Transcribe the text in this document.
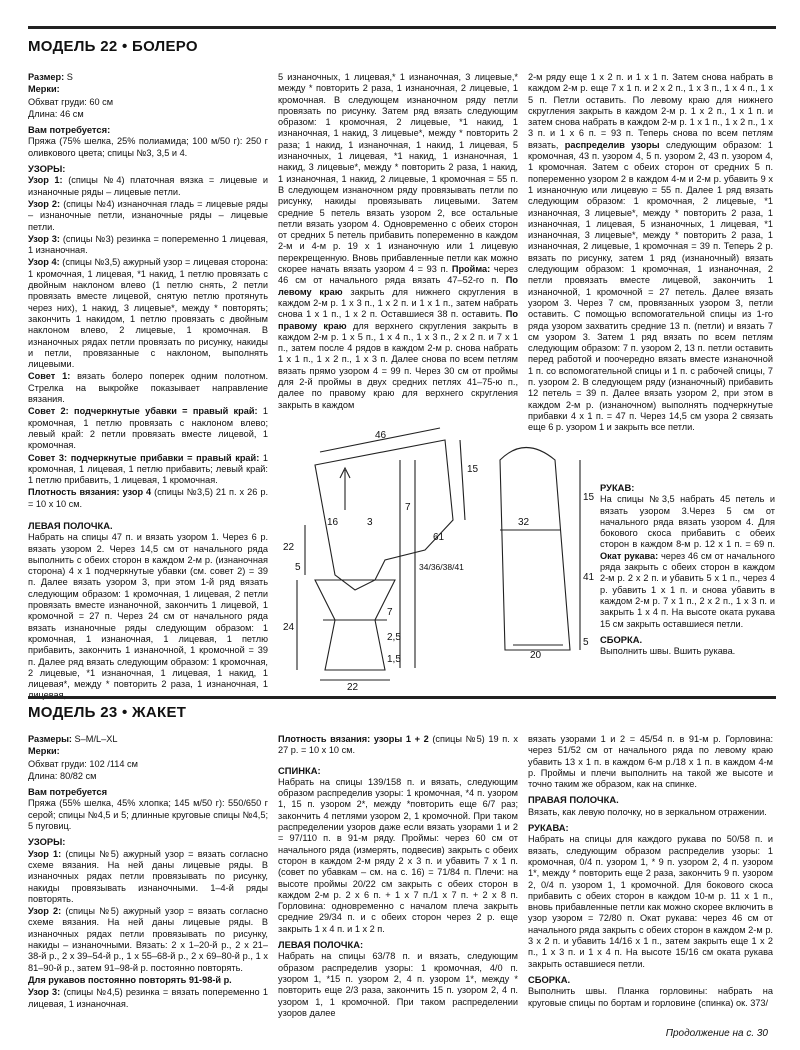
МОДЕЛЬ 22 • БОЛЕРО

Размер: S

Мерки:

Обхват груди: 60 см

Длина: 46 см

Вам потребуется:

Пряжа (75% шелка, 25% полиамида; 100 м/50 г): 250 г оливкового цвета; спицы №3, 3,5 и 4.

УЗОРЫ:

Узор 1: (спицы №4) платочная вязка = лицевые и изнаночные ряды – лицевые петли.

Узор 2: (спицы №4) изнаночная гладь = лицевые ряды – изнаночные петли, изнаночные ряды – лицевые петли.

Узор 3: (спицы №3) резинка = попеременно 1 лицевая, 1 изнаночная.

Узор 4: (спицы №3,5) ажурный узор = лицевая сторона: 1 кромочная, 1 лицевая, *1 накид, 1 петлю провязать с двойным наклоном влево (1 петлю снять, 2 петли провязать вместе лицевой, снятую петлю протянуть через них), 1 накид, 3 лицевые*, между * повторять; закончить 1 накидом, 1 петлю провязать с двойным наклоном влево, 2 лицевые, 1 кромочная. В изнаночных рядах петли провязать по рисунку, накиды и петли, провязанные с наклоном, выполнять лицевыми.

Совет 1: вязать болеро поперек одним полотном. Стрелка на выкройке показывает направление вязания.

Совет 2: подчеркнутые убавки = правый край: 1 кромочная, 1 петлю провязать с наклоном влево; левый край: 2 петли провязать вместе лицевой, 1 кромочная.

Совет 3: подчеркнутые прибавки = правый край: 1 кромочная, 1 лицевая, 1 петлю прибавить; левый край: 1 петлю прибавить, 1 лицевая, 1 кромочная.

Плотность вязания: узор 4 (спицы №3,5) 21 п. x 26 р. = 10 x 10 см.

ЛЕВАЯ ПОЛОЧКА.

Набрать на спицы 47 п. и вязать узором 1. Через 6 р. вязать узором 2. Через 14,5 см от начального ряда выполнить с обеих сторон в каждом 2-м р. (изнаночная сторона) 4 x 1 подчеркнутые убавки (см. совет 2) = 39 п. Далее вязать узором 3, при этом 1-й ряд вязать следующим образом: 1 кромочная, 1 лицевая, 2 петли провязать вместе изнаночной, закончить 1 лицевой, 1 кромочной = 27 п. Через 24 см от начального ряда вязать изнаночные ряды следующим образом: 1 кромочная, 1 изнаночная, 1 лицевая, 1 петлю прибавить, закончить 1 изнаночной, 1 кромочной = 39 п. Далее ряд вязать следующим образом: 1 кромочная, 2 лицевые, *1 изнаночная, 1 лицевая, 1 накид, 1 лицевая*, между * повторить 2 раза, 1 изнаночная, 1 лицевая,

5 изнаночных, 1 лицевая,* 1 изнаночная, 3 лицевые,* между * повторить 2 раза, 1 изнаночная, 2 лицевые, 1 кромочная. В следующем изнаночном ряду петли провязать по рисунку. Затем ряд вязать следующим образом: 1 кромочная, 2 лицевые, *1 накид, 1 изнаночная, 1 накид, 3 лицевые*, между * повторить 2 раза; 1 накид, 1 изнаночная, 1 накид, 1 лицевая, 5 изнаночных, 1 лицевая, *1 накид, 1 изнаночная, 1 накид, 3 лицевые*, между * повторить 2 раза, 1 накид, 1 изнаночная, 1 накид, 2 лицевые, 1 кромочная = 55 п. В следующем изнаночном ряду провязывать петли по рисунку, накиды провязывать лицевыми. Затем средние 5 петель вязать узором 2, все остальные петли вязать узором 4. Одновременно с обеих сторон от средних 5 петель прибавить попеременно в каждом 2-м и 4-м р. 19 x 1 изнаночную или 1 лицевую перекрещенную. Вновь прибавленные петли как можно скорее начать вязать узором 4 = 93 п. Пройма: через 46 см от начального ряда вязать 47–52-го п. По левому краю закрыть для нижнего скругления в каждом 2-м р. 1 x 3 п., 1 x 2 п. и 1 x 1 п., затем набрать снова 1 x 1 п., 1 x 2 п. Оставшиеся 38 п. оставить. По правому краю для верхнего скругления закрыть в каждом 2-м р. 1 x 5 п., 1 x 4 п., 1 x 3 п., 2 x 2 п. и 7 x 1 п., затем после 4 рядов в каждом 2-м р. снова набрать 1 x 1 п., 1 x 2 п., 1 x 3 п. Далее снова по всем петлям вязать прямо узором 4 = 99 п. Через 30 см от проймы для 2-й проймы в двух средних петлях 41–75-ю п., далее по правому краю для верхнего скругления закрыть в каждом

2-м ряду еще 1 x 2 п. и 1 x 1 п. Затем снова набрать в каждом 2-м р. еще 7 x 1 п. и 2 x 2 п., 1 x 3 п., 1 x 4 п., 1 x 5 п. Петли оставить. По левому краю для нижнего скругления закрыть в каждом 2-м р. 1 x 2 п., 1 x 1 п. и затем снова набрать в каждом 2-м р. 1 x 1 п., 1 x 2 п., 1 x 3 п. и 1 x 6 п. = 93 п. Теперь снова по всем петлям вязать, распределив узоры следующим образом: 1 кромочная, 43 п. узором 4, 5 п. узором 2, 43 п. узором 4, 1 кромочная. Затем с обеих сторон от средних 5 п. попеременно узором 2 в каждом 4-м и 2-м р. убавить 9 x 1 изнаночную или лицевую = 55 п. Далее 1 ряд вязать следующим образом: 1 кромочная, 2 лицевые, *1 изнаночная, 3 лицевые*, между * повторить 2 раза, 1 изнаночная, 1 лицевая, 5 изнаночных, 1 лицевая, *1 изнаночная, 3 лицевые*, между * повторить 2 раза, 1 изнаночная, 2 лицевые, 1 кромочная = 39 п. Теперь 2 р. вязать по рисунку, затем 1 ряд (изнаночный) вязать следующим образом: 1 кромочная, 1 изнаночная, 2 петли провязать вместе лицевой, закончить 1 изнаночной, 1 кромочной = 27 петель. Далее вязать узором 3. Через 7 см, провязанных узором 3, петли оставить. С помощью вспомогательной спицы из 1-го ряда узором захватить средние 13 п. (петли) и вязать 7 см узором 3. Затем 1 ряд вязать по всем петлям следующим образом: 7 п. узором 2, 13 п. петли оставить перед работой и поочередно вязать вместе изнаночной 1 п. со вспомогательной спицы и 1 п. с рабочей спицы, 7 п. узором 2. В следующем ряду (изнаночный) прибавить 12 петель = 39 п. Далее вязать узором 2, при этом в каждом 2-м р. (изнаночном) выполнять подчеркнутые прибавки 4 x 1 п. = 47 п. Через 14,5 см узора 2 связать еще 6 р. узором 1 и закрыть все петли.

РУКАВ:

На спицы №3,5 набрать 45 петель и вязать узором 3.Через 5 см от начального ряда вязать узором 4. Для бокового скоса прибавить с обеих сторон в каждом 8-м р. 12 x 1 п. = 69 п. Окат рукава: через 46 см от начального ряда закрыть с обеих сторон в каждом 2-м р. 2 x 2 п. и убавить 5 x 1 п., через 4 р. убавить 1 x 1 п. и снова убавить в каждом 2-м р. 7 x 1 п., 2 x 2 п., 1 x 3 п. и закрыть 1 x 4 п. На высоте оката рукава 15 см закрыть оставшиеся петли.

СБОРКА.

Выполнить швы. Вшить рукава.

46
15
7
16	3
22
5
24
2,5
7
1,5
22
34/36/38/41
61
32
15
41
5
20
МОДЕЛЬ 23 • ЖАКЕТ

Размеры: S–M/L–XL

Мерки:

Обхват груди: 102 /114 см

Длина: 80/82 см

Вам потребуется

Пряжа (55% шелка, 45% хлопка; 145 м/50 г): 550/650 г серой; спицы №4,5 и 5; длинные круговые спицы №4,5; 5 пуговиц.

УЗОРЫ:

Узор 1: (спицы №5) ажурный узор = вязать согласно схеме вязания. На ней даны лицевые ряды. В изнаночных рядах петли провязывать по рисунку, накиды провязывать изнаночными. 1–4-й ряды повторять.

Узор 2: (спицы №5) ажурный узор = вязать согласно схеме вязания. На ней даны лицевые ряды. В изнаночных рядах петли провязывать по рисунку, накиды – изнаночными. Вязать: 2 x 1–20-й р., 2 x 21–38-й р., 2 x 39–54-й р., 1 x 55–68-й р., 2 x 69–80-й р., 1 x 81–90-й р., затем 91–98-й р. постоянно повторять.

Для рукавов постоянно повторять 91-98-й р.

Узор 3: (спицы №4,5) резинка = вязать попеременно 1 лицевая, 1 изнаночная.

Плотность вязания: узоры 1 + 2 (спицы №5) 19 п. x 27 р. = 10 x 10 см.

СПИНКА:

Набрать на спицы 139/158 п. и вязать, следующим образом распределив узоры: 1 кромочная, *4 п. узором 1, 15 п. узором 2*, между *повторить еще 6/7 раз; закончить 4 петлями узором 2, 1 кромочной. При таком распределении узоров даже если вязать узорами 1 и 2 = 97/110 п. в 91-м ряду. Проймы: через 60 см от начального ряда (измерять, подвесив) закрыть с обеих сторон в каждом 2-м ряду 2 x 3 п. и убавить 7 x 1 п. (совет по убавкам – см. на с. 16) = 71/84 п. Плечи: на высоте проймы 20/22 см закрыть с обеих сторон в каждом 2-м р. 2 x 6 п. + 1 x 7 п./1 x 7 п. + 2 x 8 п. Горловина: одновременно с началом плеча закрыть средние 29/34 п. и с обеих сторон через 2 р. еще закрыть 1 x 4 п. и 1 x 2 п.

ЛЕВАЯ ПОЛОЧКА:

Набрать на спицы 63/78 п. и вязать, следующим образом распределив узоры: 1 кромочная, 4/0 п. узором 1, *15 п. узором 2, 4 п. узором 1*, между * повторить еще 2/3 раза, закончить 15 п. узором 2, 4 п. узором 1, 1 кромочной. При таком распределении узоров далее

вязать узорами 1 и 2 = 45/54 п. в 91-м р. Горловина: через 51/52 см от начального ряда по левому краю убавить 13 x 1 п. в каждом 6-м р./18 x 1 п. в каждом 4-м р. Проймы и плечи выполнить на такой же высоте и точно таким же образом, как на спинке.

ПРАВАЯ ПОЛОЧКА.

Вязать, как левую полочку, но в зеркальном отражении.

РУКАВА:

Набрать на спицы для каждого рукава по 50/58 п. и вязать, следующим образом распределив узоры: 1 кромочная, 0/4 п. узором 1, * 9 п. узором 2, 4 п. узором 1*, между * повторить еще 2 раза, закончить 9 п. узором 2, 0/4 п. узором 1, 1 кромочной. Для бокового скоса прибавить с обеих сторон в каждом 10-м р. 11 x 1 п., вновь прибавленные петли как можно скорее включить в узор узором = 72/80 п. Окат рукава: через 46 см от начального ряда закрыть с обеих сторон в каждом 2-м р. 3 x 2 п. и убавить 14/16 x 1 п., затем закрыть еще 1 x 2 п., 1 x 3 п. и 1 x 4 п. На высоте 15/16 см оката рукава закрыть оставшиеся петли.

СБОРКА.

Выполнить швы. Планка горловины: набрать на круговые спицы по бортам и горловине (спинка) ок. 373/

Продолжение на с. 30
